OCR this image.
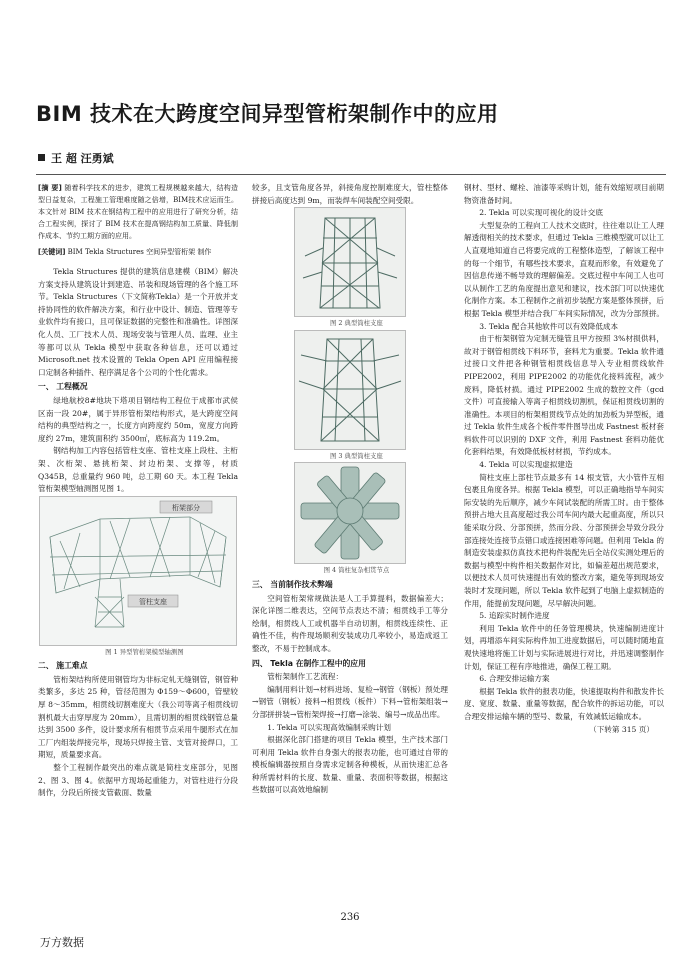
BIM 技术在大跨度空间异型管桁架制作中的应用
王 超 汪勇斌
[摘 要] 随着科学技术的进步，建筑工程规模越来越大，结构造型日益复杂，工程施工管理难度随之倍增，BIM技术应运而生。本文针对 BIM 技术在钢结构工程中的应用进行了研究分析，结合工程实例，探讨了 BIM 技术在提高钢结构加工质量、降低制作成本、节约工期方面的应用。
[关键词] BIM Tekla Structures 空间异型管桁架 制作

Tekla Structures 提供的建筑信息建模（BIM）解决方案支持从建筑设计到建造、吊装和现场管理的各个施工环节。Tekla Structures（下文简称Tekla）是一个开放并支持协同性的软件解决方案，和行业中设计、制造、管理等专业软件均有接口，且可保证数据的完整性和准确性。详图深化人员、工厂技术人员、现场安装与管理人员、监理、业主等都可以从 Tekla 模型中获取各种信息，还可以通过Microsoft.net 技术设置的 Tekla Open API 应用编程接口定制各种插件、程序满足各个公司的个性化需求。

一、 工程概况

绿地航校8#地块下塔项目钢结构工程位于成都市武侯区南一段 20#，属于异形管桁架结构形式，是大跨度空间结构的典型结构之一，长度方向跨度约 50m，宽度方向跨度约 27m，建筑面积约 3500㎡，底标高为 119.2m。

钢结构加工内容包括管柱支座、管柱支座上段柱、主桁架、次桁架、悬挑桁架、封边桁架、支撑等，材质 Q345B，总重量约 960 吨，总工期 60 天。本工程 Tekla 管桁架模型轴测图见图 1。

桁架部分
管柱支座

图 1 异型管桁架模型轴测图

二、 施工难点

管桁架结构所使用钢管均为非标定轧无缝钢管，钢管种类繁多，多达 25 种，管径范围为 Φ159～Φ600，管壁较厚 8～35mm，相贯线切割难度大（我公司等离子相贯线切割机最大击穿厚度为 20mm），且需切割的相贯线钢管总量达到 3500 多件，设计要求所有相贯节点采用牛腿形式在加工厂内组装焊接完毕，现场只焊接主管、支管对接焊口，工期短，质量要求高。

整个工程制作最突出的难点就是简柱支座部分，见图 2、图 3、图 4。依据甲方现场起重能力，对管柱进行分段制作，分段后所接支管截面、数量

较多，且支管角度各异，斜接角度控制难度大，管柱整体拼接后高度达到 9m，而装焊车间装配空间受限。

图 2 典型筒柱支座

图 3 典型筒柱支座

图 4 筒柱复杂相贯节点

三、 当前制作技术弊端

空间管桁架常规做法是人工手算提料，数据偏差大；深化详图二维表达，空间节点表达不清；相贯线手工等分绘制，相贯线人工或机器半自动切割，相贯线连续性、正确性不佳，构件现场顺利安装成功几率较小，易造成返工整改，不易于控制成本。

四、 Tekla 在制作工程中的应用

管桁架制作工艺流程：

编制用料计划→材料进场、复检→钢管（钢板）预处理→钢管（钢板）接料→相贯线（板件）下料→管桁架组装→分部拼拼装→管桁架焊接→打磨→涂装、编号→成品出库。

1. Tekla 可以实现高效编制采购计划

根据深化部门搭建的项目 Tekla 模型，生产技术部门可利用 Tekla 软件自身强大的报表功能，也可通过自带的模板编辑器按照自身需求定制各种模板，从而快速汇总各种所需材料的长度、数量、重量、表面积等数据，根据这些数据可以高效地编制

钢材、型材、螺栓、油漆等采购计划，能有效缩短项目前期物资准备时间。

2. Tekla 可以实现可视化的设计交底

大型复杂的工程向工人技术交底时，往往难以让工人理解透彻相关的技术要求，但通过 Tekla 三维模型就可以让工人直观地知道自己将要完成的工程整体造型，了解该工程中的每一个细节，有哪些技术要求，直观而形象，有效避免了因信息传递不畅导致的理解偏差。交底过程中车间工人也可以从制作工艺的角度提出意见和建议，技术部门可以快速优化制作方案。本工程制作之前初步装配方案是整体预拼，后根据 Tekla 模型并结合我厂车间实际情况，改为分部预拼。

3. Tekla 配合其他软件可以有效降低成本

由于桁架钢管为定制无缝管且甲方按照 3%材损供料，故对于钢管相贯线下料环节，套料尤为重要。Tekla 软件通过接口文件把各种钢管相贯线信息导入专业相贯线软件 PIPE2002，利用 PIPE2002 的功能优化接料流程，减少废料，降低材损。通过 PIPE2002 生成的数控文件（gcd 文件）可直接输入等离子相贯线切割机，保证相贯线切割的准确性。本项目的桁架相贯线节点处的加劲板为异型板，通过 Tekla 软件生成各个板件零件图导出成 Fastnest 板材套料软件可以识别的 DXF 文件，利用 Fastnest 套料功能优化套料结果，有效降低板材材损，节约成本。

4. Tekla 可以实现虚拟建造

简柱支座上部柱节点最多有 14 根支管，大小管件互相包裹且角度各异。根据 Tekla 模型，可以正确地指导车间实际安装的先后顺序，减少车间试装配的所需工时。由于整体预拼占地大且高度超过我公司车间内最大起重高度，所以只能采取分段、分部预拼，然而分段、分部预拼会导致分段分部连接处连接节点错口或连接困难等问题。但利用 Tekla 的制造安装虚拟仿真技术把构件装配先后全站仪实测处理后的数据与模型中构件相关数据作对比，如偏差超出规范要求，以便技术人员可快速提出有效的整改方案，避免等到现场安装时才发现问题，所以 Tekla 软件起到了电脑上虚拟制造的作用，能提前发现问题，尽早解决问题。

5. 追踪实时制作进度

利用 Tekla 软件中的任务管理模块，快速编制进度计划，再增添车间实际构件加工进度数据后，可以随时随地直观快速地将施工计划与实际进展进行对比，并迅速调整制作计划，保证工程有序地推进，确保工程工期。

6. 合理安排运输方案

根据 Tekla 软件的报表功能，快速提取构件和散发件长度、宽度、数量、重量等数据，配合软件的拆运功能，可以合理安排运输车辆的型号、数量，有效减低运输成本。

（下转第 315 页）

236
万方数据
